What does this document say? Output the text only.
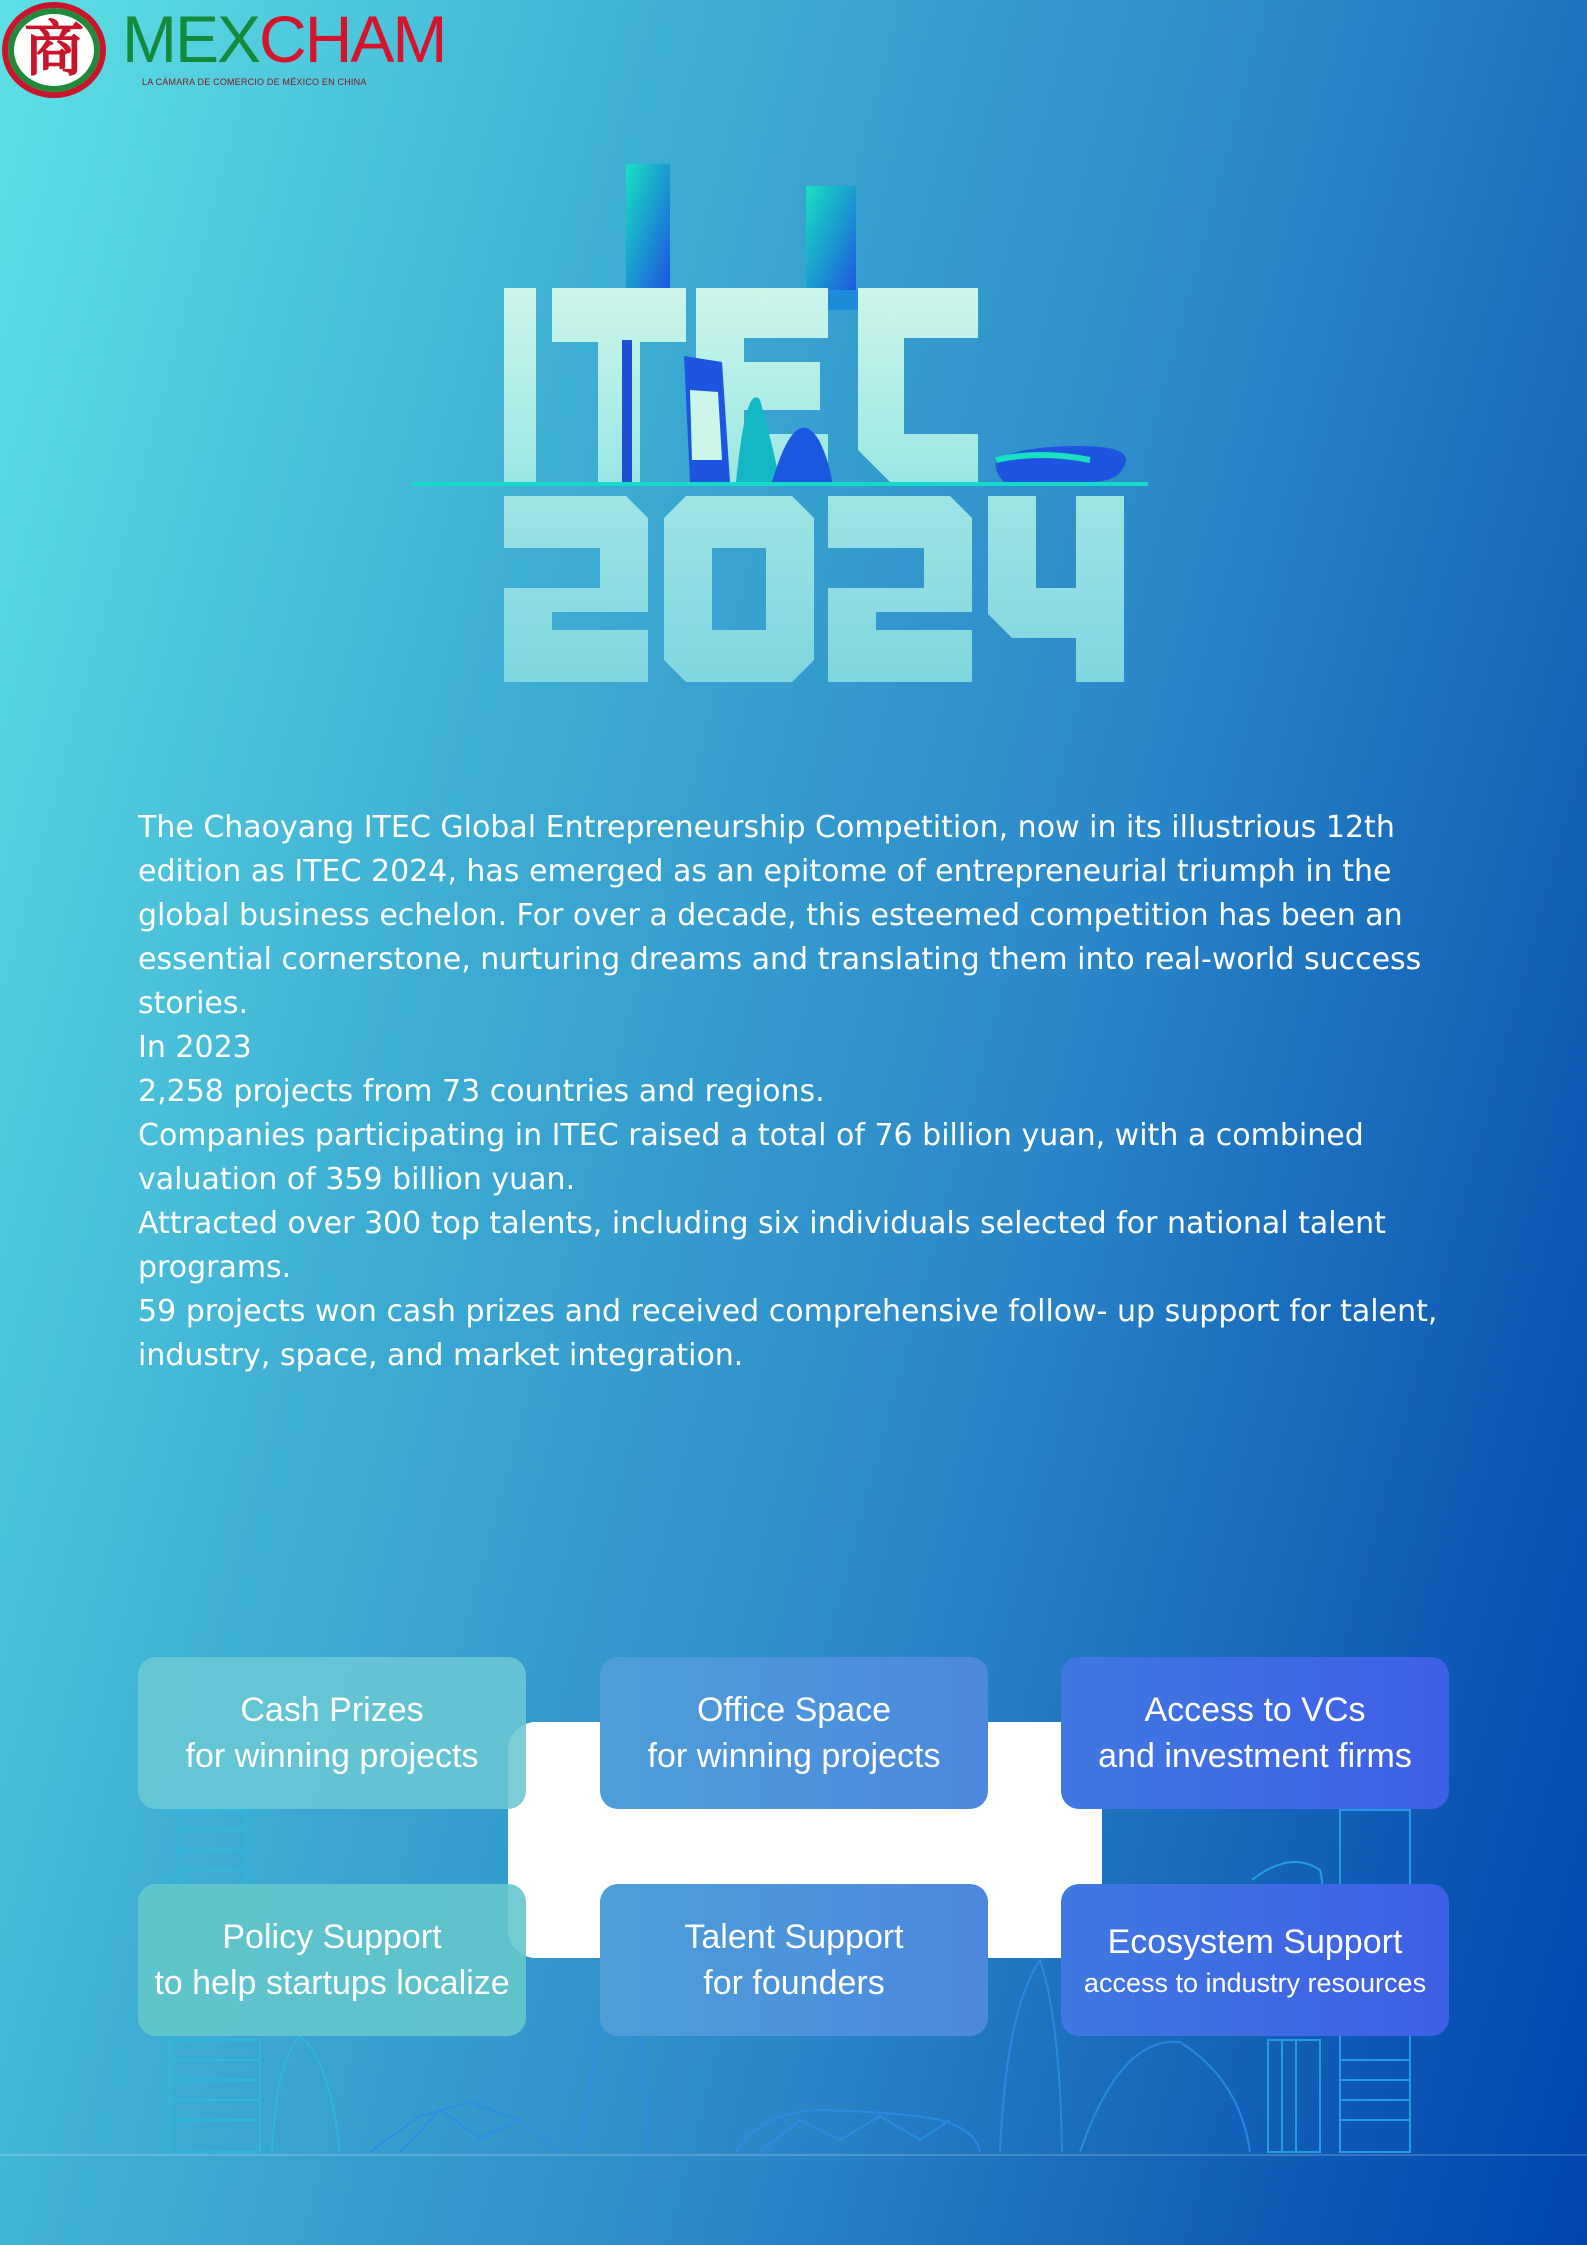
商 MEXCHAM
LA CÁMARA DE COMERCIO DE MÉXICO EN CHINA

The Chaoyang ITEC Global Entrepreneurship Competition, now in its illustrious 12th edition as ITEC 2024, has emerged as an epitome of entrepreneurial triumph in the global business echelon. For over a decade, this esteemed competition has been an essential cornerstone, nurturing dreams and translating them into real-world success stories.

In 2023

2,258 projects from 73 countries and regions.

Companies participating in ITEC raised a total of 76 billion yuan, with a combined valuation of 359 billion yuan.

Attracted over 300 top talents, including six individuals selected for national talent programs.

59 projects won cash prizes and received comprehensive follow- up support for talent, industry, space, and market integration.

Cash Prizes
for winning projects
Office Space
for winning projects
Access to VCs
and investment firms
Policy Support
to help startups localize
Talent Support
for founders
Ecosystem Support
access to industry resources
